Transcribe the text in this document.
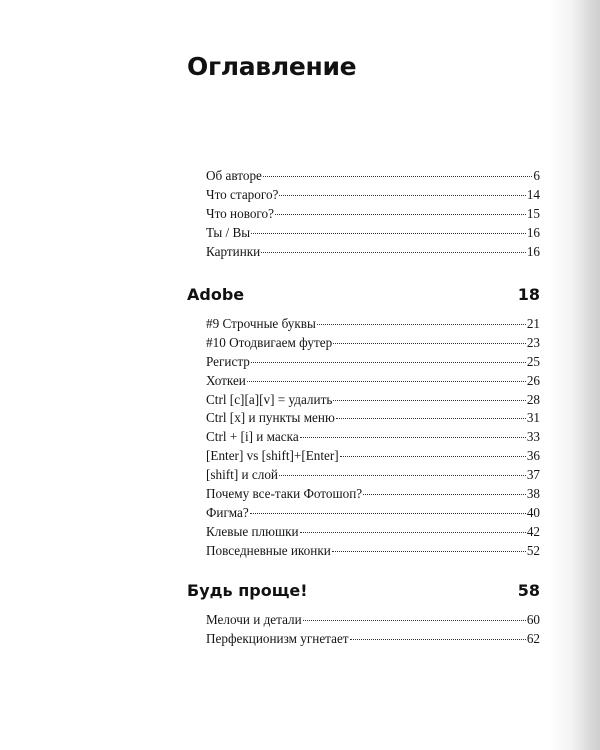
Оглавление
Об авторе	6
Что старого?	14
Что нового?	15
Ты / Вы	16
Картинки	16
Adobe	18
#9 Строчные буквы	21
#10 Отодвигаем футер	23
Регистр	25
Хоткеи	26
Ctrl [c][a][v] = удалить	28
Ctrl [x] и пункты меню	31
Ctrl + [i] и маска	33
[Enter] vs [shift]+[Enter]	36
[shift] и слой	37
Почему все-таки Фотошоп?	38
Фигма?	40
Клевые плюшки	42
Повседневные иконки	52
Будь проще!	58
Мелочи и детали	60
Перфекционизм угнетает	62
